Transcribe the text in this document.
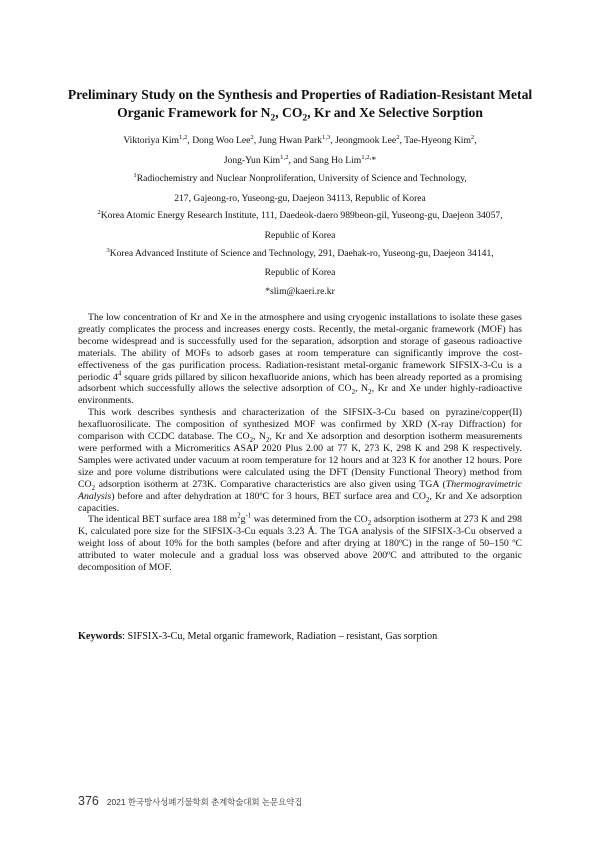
Preliminary Study on the Synthesis and Properties of Radiation-Resistant Metal
Organic Framework for $N_2$, $CO_2$, Kr and Xe Selective Sorption
Viktoriya Kim$^{1,2}$, Dong Woo Lee$^2$, Jung Hwan Park$^{1,3}$, Jeongmook Lee$^2$, Tae-Hyeong Kim$^2$,
Jong-Yun Kim$^{1,2}$, and Sang Ho Lim$^{1,2,}$*
$^1$Radiochemistry and Nuclear Nonproliferation, University of Science and Technology,
217, Gajeong-ro, Yuseong-gu, Daejeon 34113, Republic of Korea
$^2$Korea Atomic Energy Research Institute, 111, Daedeok-daero 989beon-gil, Yuseong-gu, Daejeon 34057,
Republic of Korea
$^3$Korea Advanced Institute of Science and Technology, 291, Daehak-ro, Yuseong-gu, Daejeon 34141,
Republic of Korea
*slim@kaeri.re.kr

The low concentration of Kr and Xe in the atmosphere and using cryogenic installations to isolate these gases greatly complicates the process and increases energy costs. Recently, the metal-organic framework (MOF) has become widespread and is successfully used for the separation, adsorption and storage of gaseous radioactive materials. The ability of MOFs to adsorb gases at room temperature can significantly improve the cost-effectiveness of the gas purification process. Radiation-resistant metal-organic framework SIFSIX-3-Cu is a periodic $4^4$ square grids pillared by silicon hexafluoride anions, which has been already reported as a promising adsorbent which successfully allows the selective adsorption of $CO_2$, $N_2$, Kr and Xe under highly-radioactive environments.

This work describes synthesis and characterization of the SIFSIX-3-Cu based on pyrazine/copper(II) hexafluorosilicate. The composition of synthesized MOF was confirmed by XRD (X-ray Diffraction) for comparison with CCDC database. The $CO_2$, $N_2$, Kr and Xe adsorption and desorption isotherm measurements were performed with a Micromeritics ASAP 2020 Plus 2.00 at 77 K, 273 K, 298 K and 298 K respectively. Samples were activated under vacuum at room temperature for 12 hours and at 323 K for another 12 hours. Pore size and pore volume distributions were calculated using the DFT (Density Functional Theory) method from $CO_2$ adsorption isotherm at 273K. Comparative characteristics are also given using TGA (Thermogravimetric Analysis) before and after dehydration at 180ºC for 3 hours, BET surface area and $CO_2$, Kr and Xe adsorption capacities.

The identical BET surface area 188 $m^2g^{-1}$ was determined from the $CO_2$ adsorption isotherm at 273 K and 298 K, calculated pore size for the SIFSIX-3-Cu equals 3.23 Å. The TGA analysis of the SIFSIX-3-Cu observed a weight loss of about 10% for the both samples (before and after drying at 180ºC) in the range of 50–150 ºC attributed to water molecule and a gradual loss was observed above 200ºC and attributed to the organic decomposition of MOF.

Keywords: SIFSIX-3-Cu, Metal organic framework, Radiation – resistant, Gas sorption
376 2021 한국방사성폐기물학회 춘계학술대회 논문요약집
